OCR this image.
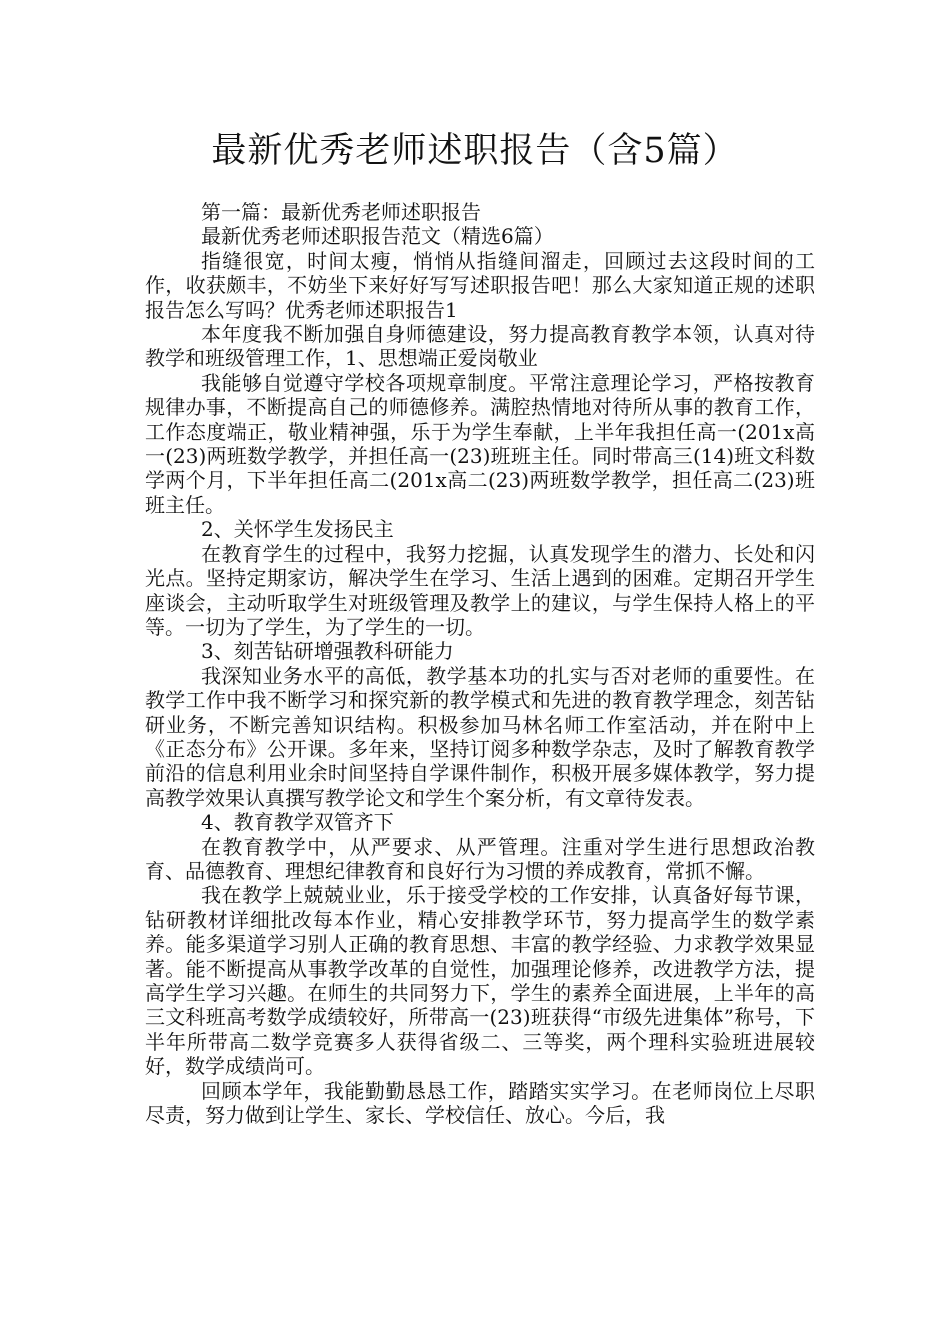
最新优秀老师述职报告（含5篇）

第一篇：最新优秀老师述职报告

最新优秀老师述职报告范文（精选6篇）

指缝很宽，时间太瘦，悄悄从指缝间溜走，回顾过去这段时间的工作，收获颇丰，不妨坐下来好好写写述职报告吧！那么大家知道正规的述职报告怎么写吗？优秀老师述职报告1

本年度我不断加强自身师德建设，努力提高教育教学本领，认真对待教学和班级管理工作，1、思想端正爱岗敬业

我能够自觉遵守学校各项规章制度。平常注意理论学习，严格按教育规律办事，不断提高自己的师德修养。满腔热情地对待所从事的教育工作，工作态度端正，敬业精神强，乐于为学生奉献，上半年我担任高一(201x高一(23)两班数学教学，并担任高一(23)班班主任。同时带高三(14)班文科数学两个月，下半年担任高二(201x高二(23)两班数学教学，担任高二(23)班班主任。

2、关怀学生发扬民主

在教育学生的过程中，我努力挖掘，认真发现学生的潜力、长处和闪光点。坚持定期家访，解决学生在学习、生活上遇到的困难。定期召开学生座谈会，主动听取学生对班级管理及教学上的建议，与学生保持人格上的平等。一切为了学生，为了学生的一切。

3、刻苦钻研增强教科研能力

我深知业务水平的高低，教学基本功的扎实与否对老师的重要性。在教学工作中我不断学习和探究新的教学模式和先进的教育教学理念，刻苦钻研业务，不断完善知识结构。积极参加马林名师工作室活动，并在附中上《正态分布》公开课。多年来，坚持订阅多种数学杂志，及时了解教育教学前沿的信息利用业余时间坚持自学课件制作，积极开展多媒体教学，努力提高教学效果认真撰写教学论文和学生个案分析，有文章待发表。

4、教育教学双管齐下

在教育教学中，从严要求、从严管理。注重对学生进行思想政治教育、品德教育、理想纪律教育和良好行为习惯的养成教育，常抓不懈。

我在教学上兢兢业业，乐于接受学校的工作安排，认真备好每节课，钻研教材详细批改每本作业，精心安排教学环节，努力提高学生的数学素养。能多渠道学习别人正确的教育思想、丰富的教学经验、力求教学效果显著。能不断提高从事教学改革的自觉性，加强理论修养，改进教学方法，提高学生学习兴趣。在师生的共同努力下，学生的素养全面进展，上半年的高三文科班高考数学成绩较好，所带高一(23)班获得“市级先进集体”称号，下半年所带高二数学竞赛多人获得省级二、三等奖，两个理科实验班进展较好，数学成绩尚可。

回顾本学年，我能勤勤恳恳工作，踏踏实实学习。在老师岗位上尽职尽责，努力做到让学生、家长、学校信任、放心。今后，我
